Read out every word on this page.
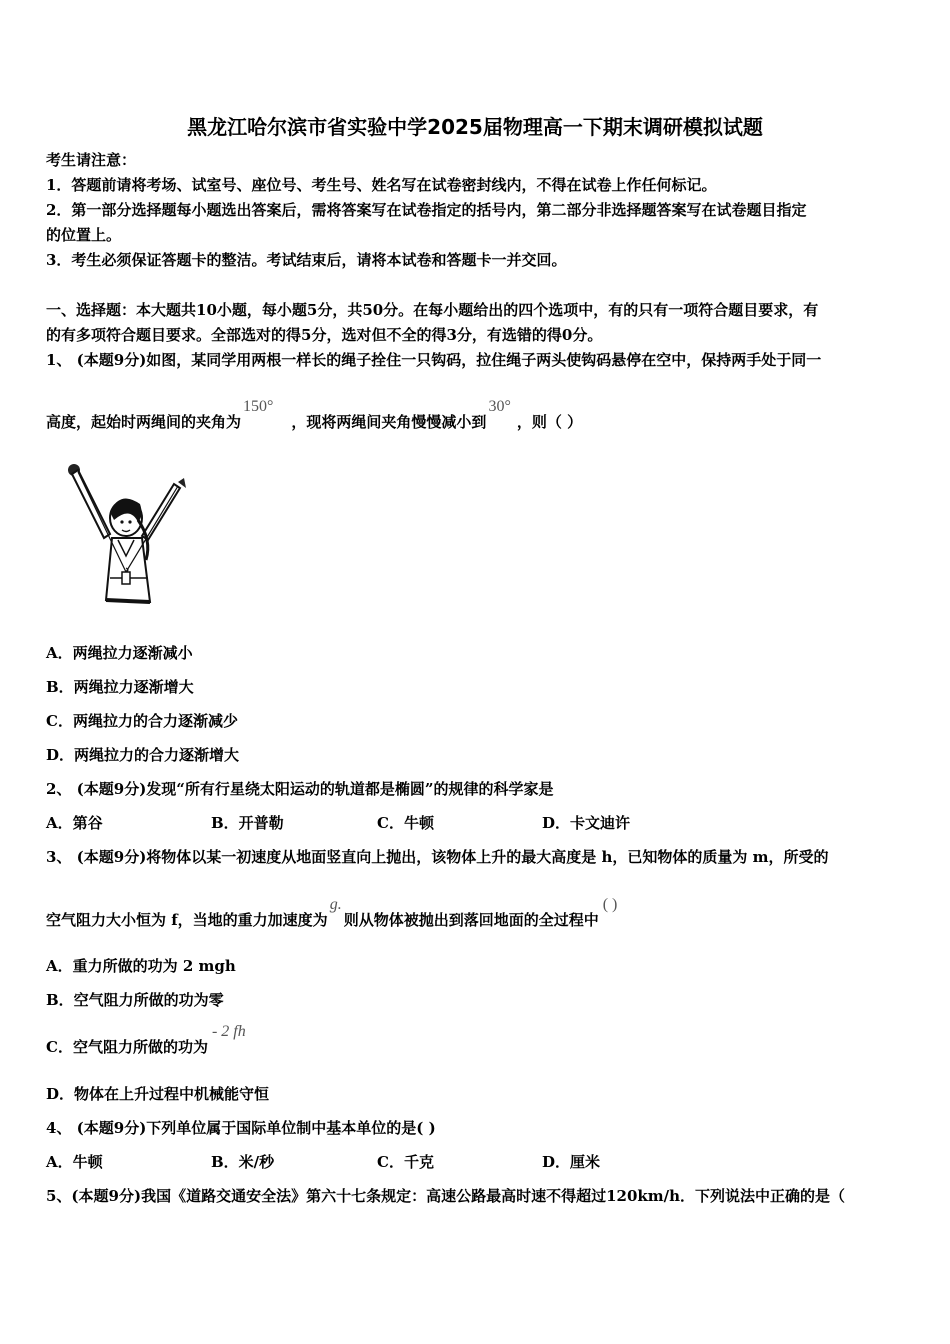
黑龙江哈尔滨市省实验中学2025届物理高一下期末调研模拟试题
考生请注意：
1．答题前请将考场、试室号、座位号、考生号、姓名写在试卷密封线内，不得在试卷上作任何标记。
2．第一部分选择题每小题选出答案后，需将答案写在试卷指定的括号内，第二部分非选择题答案写在试卷题目指定
的位置上。
3．考生必须保证答题卡的整洁。考试结束后，请将本试卷和答题卡一并交回。
一、选择题：本大题共10小题，每小题5分，共50分。在每小题给出的四个选项中，有的只有一项符合题目要求，有
的有多项符合题目要求。全部选对的得5分，选对但不全的得3分，有选错的得0分。
1、 (本题9分)如图，某同学用两根一样长的绳子拴住一只钩码，拉住绳子两头使钩码悬停在空中，保持两手处于同一
高度，起始时两绳间的夹角为150°，现将两绳间夹角慢慢减小到30°，则（ ）
A．两绳拉力逐渐减小
B．两绳拉力逐渐增大
C．两绳拉力的合力逐渐减少
D．两绳拉力的合力逐渐增大
2、 (本题9分)发现“所有行星绕太阳运动的轨道都是椭圆”的规律的科学家是
A．第谷	B．开普勒	C．牛顿	D．卡文迪许
3、 (本题9分)将物体以某一初速度从地面竖直向上抛出，该物体上升的最大高度是 h，已知物体的质量为 m，所受的
空气阻力大小恒为 f，当地的重力加速度为g.则从物体被抛出到落回地面的全过程中( )
A．重力所做的功为 2 mgh
B．空气阻力所做的功为零
C．空气阻力所做的功为- 2 fh
D．物体在上升过程中机械能守恒
4、 (本题9分)下列单位属于国际单位制中基本单位的是( )
A．牛顿	B．米/秒	C．千克	D．厘米
5、(本题9分)我国《道路交通安全法》第六十七条规定：高速公路最高时速不得超过120km/h．下列说法中正确的是（
